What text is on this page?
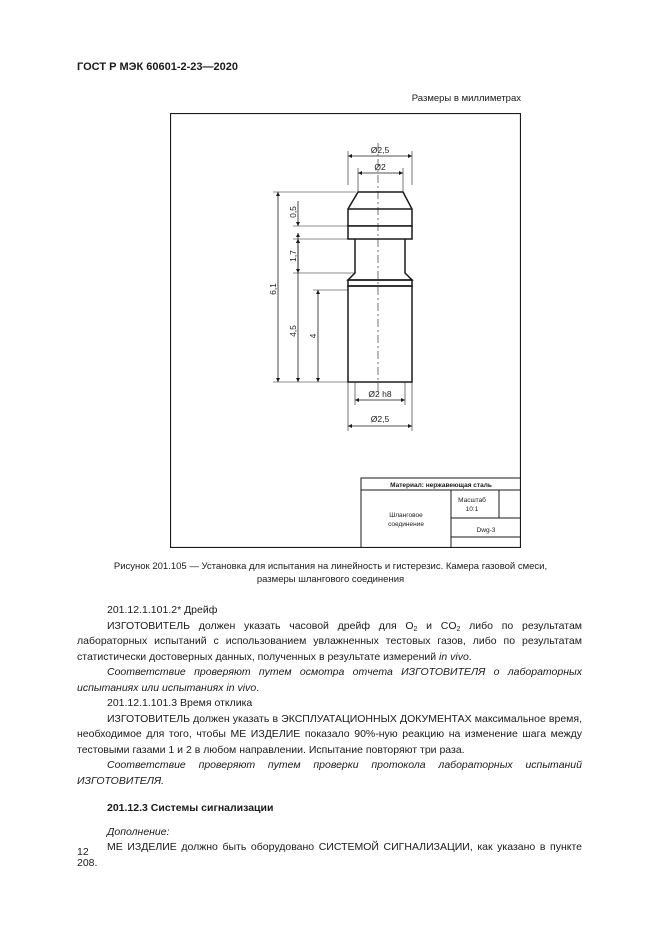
ГОСТ Р МЭК 60601-2-23—2020
Размеры в миллиметрах
Ø2,5
Ø2
Ø2 h8
Ø2,5
0,5
1,7
6,1
4,5 4
Материал: нержавеющая сталь
Шланговое
соединение
Масштаб
10:1
Dwg-3
Рисунок 201.105 — Установка для испытания на линейность и гистерезис. Камера газовой смеси,
размеры шлангового соединения

201.12.1.101.2* Дрейф

ИЗГОТОВИТЕЛЬ должен указать часовой дрейф для $O_2$ и $CO_2$ либо по результатам лабораторных испытаний с использованием увлажненных тестовых газов, либо по результатам статистически достоверных данных, полученных в результате измерений in vivo.

Соответствие проверяют путем осмотра отчета ИЗГОТОВИТЕЛЯ о лабораторных испытаниях или испытаниях in vivo.

201.12.1.101.3 Время отклика

ИЗГОТОВИТЕЛЬ должен указать в ЭКСПЛУАТАЦИОННЫХ ДОКУМЕНТАХ максимальное время, необходимое для того, чтобы МЕ ИЗДЕЛИЕ показало 90%-ную реакцию на изменение шага между тестовыми газами 1 и 2 в любом направлении. Испытание повторяют три раза.

Соответствие проверяют путем проверки протокола лабораторных испытаний ИЗГОТОВИТЕЛЯ.

201.12.3 Системы сигнализации

Дополнение:

МЕ ИЗДЕЛИЕ должно быть оборудовано СИСТЕМОЙ СИГНАЛИЗАЦИИ, как указано в пункте 208.

12
